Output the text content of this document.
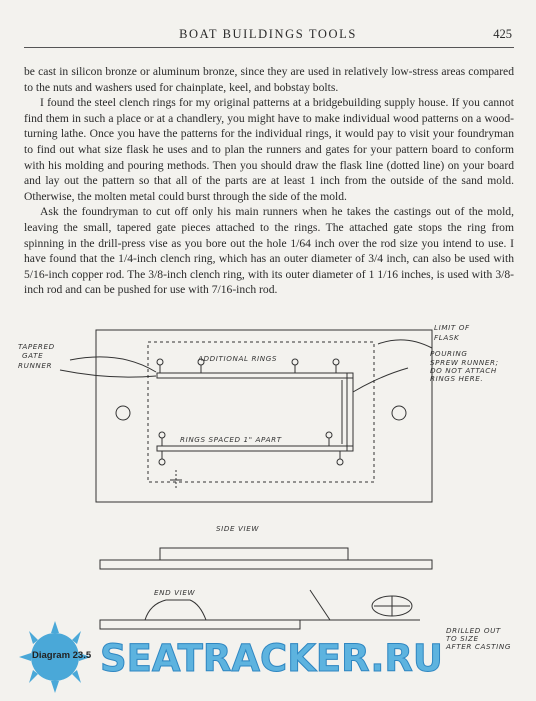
BOAT BUILDINGS TOOLS	425

be cast in silicon bronze or aluminum bronze, since they are used in relatively low-stress areas compared to the nuts and washers used for chainplate, keel, and bobstay bolts.

I found the steel clench rings for my original patterns at a bridgebuilding supply house. If you cannot find them in such a place or at a chandlery, you might have to make individual wood patterns on a wood-turning lathe. Once you have the patterns for the individual rings, it would pay to visit your foundryman to find out what size flask he uses and to plan the runners and gates for your pattern board to conform with his molding and pouring methods. Then you should draw the flask line (dotted line) on your board and lay out the pattern so that all of the parts are at least 1 inch from the outside of the sand mold. Otherwise, the molten metal could burst through the side of the mold.

Ask the foundryman to cut off only his main runners when he takes the castings out of the mold, leaving the small, tapered gate pieces attached to the rings. The attached gate stops the ring from spinning in the drill-press vise as you bore out the hole 1/64 inch over the rod size you intend to use. I have found that the 1/4-inch clench ring, which has an outer diameter of 3/4 inch, can also be used with 5/16-inch copper rod. The 3/8-inch clench ring, with its outer diameter of 1 1/16 inches, is used with 3/8-inch rod and can be pushed for use with 7/16-inch rod.

TAPERED
GATE
RUNNER
ADDITIONAL RINGS
LIMIT OF
FLASK
POURING
SPREW RUNNER;
DO NOT ATTACH
RINGS HERE.
RINGS SPACED 1" APART
SIDE VIEW
END VIEW
DRILLED OUT
TO SIZE
AFTER CASTING
SEATRACKER.RU
Diagram 23.5
